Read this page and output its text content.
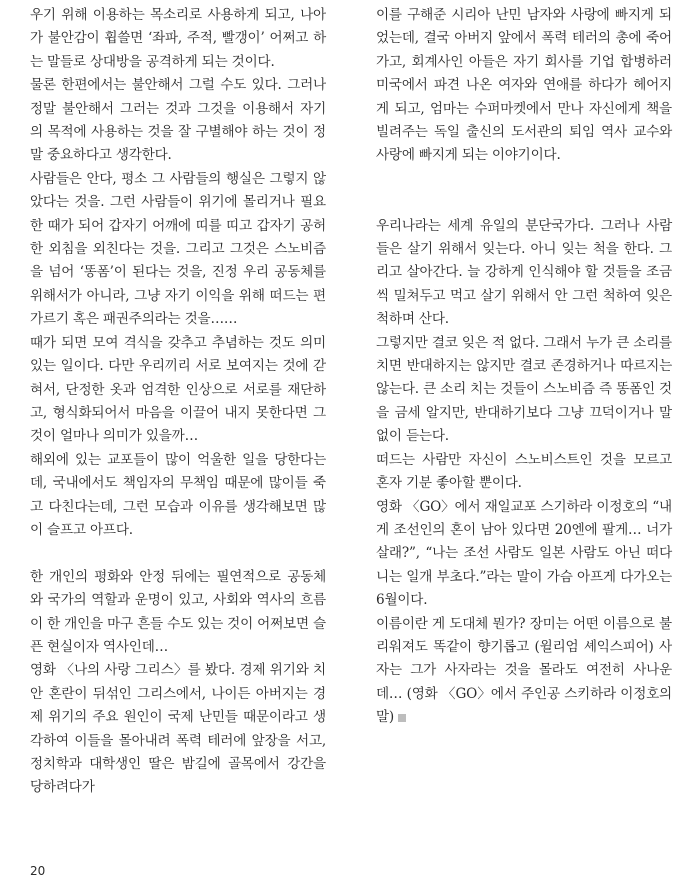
우기 위해 이용하는 목소리로 사용하게 되고, 나아가 불안감이 휩쓸면 ‘좌파, 주적, 빨갱이’ 어쩌고 하는 말들로 상대방을 공격하게 되는 것이다.

물론 한편에서는 불안해서 그럴 수도 있다. 그러나 정말 불안해서 그러는 것과 그것을 이용해서 자기의 목적에 사용하는 것을 잘 구별해야 하는 것이 정말 중요하다고 생각한다.

사람들은 안다, 평소 그 사람들의 행실은 그렇지 않았다는 것을. 그런 사람들이 위기에 몰리거나 필요한 때가 되어 갑자기 어깨에 띠를 띠고 갑자기 공허한 외침을 외친다는 것을. 그리고 그것은 스노비즘을 넘어 ‘똥폼’이 된다는 것을, 진정 우리 공동체를 위해서가 아니라, 그냥 자기 이익을 위해 떠드는 편 가르기 혹은 패권주의라는 것을……

때가 되면 모여 격식을 갖추고 추념하는 것도 의미있는 일이다. 다만 우리끼리 서로 보여지는 것에 갇혀서, 단정한 옷과 엄격한 인상으로 서로를 재단하고, 형식화되어서 마음을 이끌어 내지 못한다면 그것이 얼마나 의미가 있을까…

해외에 있는 교포들이 많이 억울한 일을 당한다는데, 국내에서도 책임자의 무책임 때문에 많이들 죽고 다친다는데, 그런 모습과 이유를 생각해보면 많이 슬프고 아프다.

한 개인의 평화와 안정 뒤에는 필연적으로 공동체와 국가의 역할과 운명이 있고, 사회와 역사의 흐름이 한 개인을 마구 흔들 수도 있는 것이 어쩌보면 슬픈 현실이자 역사인데…

영화 〈나의 사랑 그리스〉를 봤다. 경제 위기와 치안 혼란이 뒤섞인 그리스에서, 나이든 아버지는 경제 위기의 주요 원인이 국제 난민들 때문이라고 생각하여 이들을 몰아내려 폭력 테러에 앞장을 서고, 정치학과 대학생인 딸은 밤길에 골목에서 강간을 당하려다가

이를 구해준 시리아 난민 남자와 사랑에 빠지게 되었는데, 결국 아버지 앞에서 폭력 테러의 총에 죽어가고, 회계사인 아들은 자기 회사를 기업 합병하러 미국에서 파견 나온 여자와 연애를 하다가 헤어지게 되고, 엄마는 수퍼마켓에서 만나 자신에게 책을 빌려주는 독일 출신의 도서관의 퇴임 역사 교수와 사랑에 빠지게 되는 이야기이다.

우리나라는 세계 유일의 분단국가다. 그러나 사람들은 살기 위해서 잊는다. 아니 잊는 척을 한다. 그리고 살아간다. 늘 강하게 인식해야 할 것들을 조금씩 밀쳐두고 먹고 살기 위해서 안 그런 척하여 잊은 척하며 산다.

그렇지만 결코 잊은 적 없다. 그래서 누가 큰 소리를 치면 반대하지는 않지만 결코 존경하거나 따르지는 않는다. 큰 소리 치는 것들이 스노비즘 즉 똥폼인 것을 금세 알지만, 반대하기보다 그냥 끄덕이거나 말없이 듣는다.

떠드는 사람만 자신이 스노비스트인 것을 모르고 혼자 기분 좋아할 뿐이다.

영화 〈GO〉에서 재일교포 스기하라 이정호의 “내게 조선인의 혼이 남아 있다면 20엔에 팔게… 너가 살래?”, “나는 조선 사람도 일본 사람도 아닌 떠다니는 일개 부초다.”라는 말이 가슴 아프게 다가오는 6월이다.

이름이란 게 도대체 뭔가? 장미는 어떤 이름으로 불리워져도 똑같이 향기롭고 (윌리엄 셰익스피어) 사자는 그가 사자라는 것을 몰라도 여전히 사나운데… (영화 〈GO〉에서 주인공 스키하라 이정호의 말)

20
